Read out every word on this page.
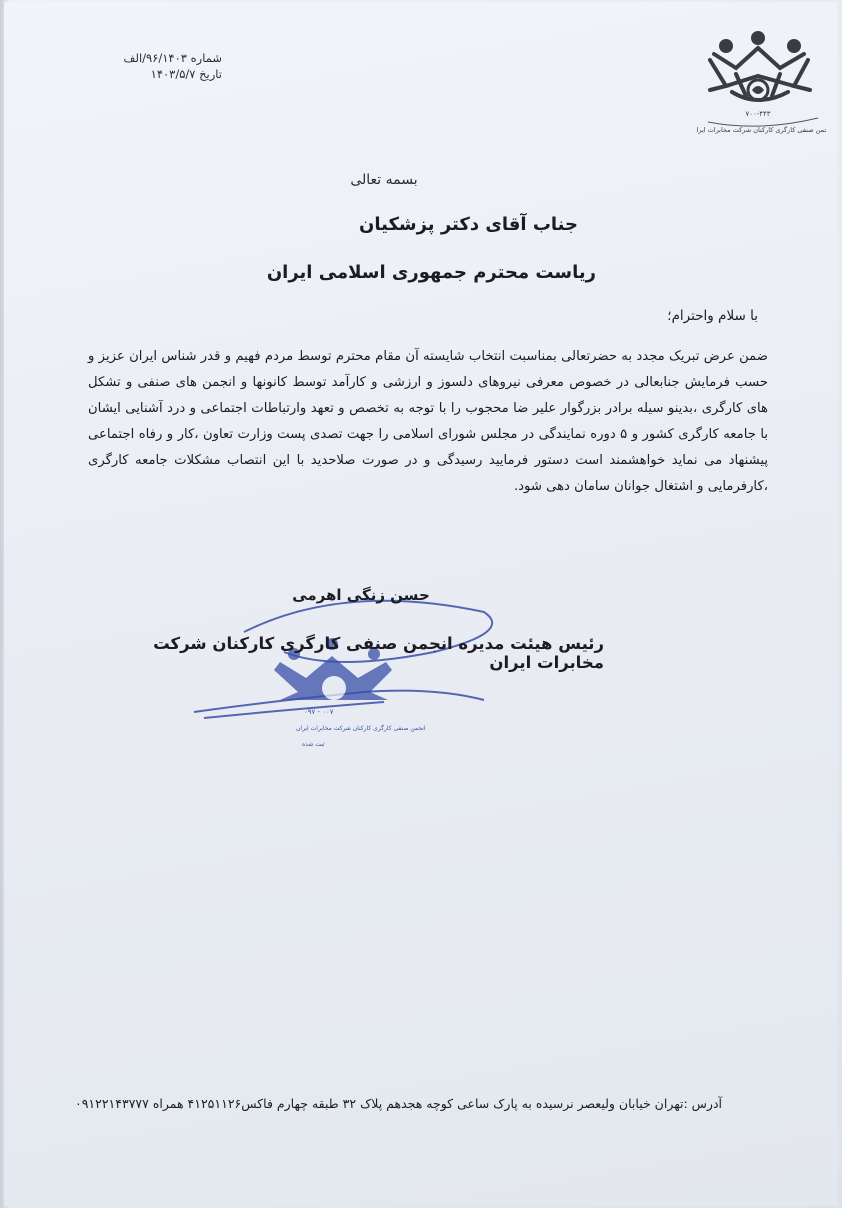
شماره ۹۶/۱۴۰۳/الف
تاریخ ۱۴۰۳/۵/۷
۷۰۰-۴۴۳
انجمن صنفی کارگری کارکنان شرکت مخابرات ایران
بسمه تعالی
جناب آقای دکتر پزشکیان
ریاست محترم جمهوری اسلامی ایران
با سلام واحترام؛
ضمن عرض تبریک مجدد به حضرتعالی بمناسبت انتخاب شایسته آن مقام محترم توسط مردم فهیم و قدر شناس ایران عزیز و حسب فرمایش جنابعالی در خصوص معرفی نیروهای دلسوز و ارزشی و کارآمد توسط کانونها و انجمن های صنفی و تشکل های کارگری ،بدینو سیله برادر بزرگوار علیر ضا محجوب را با توجه به تخصص و تعهد وارتباطات اجتماعی و درد آشنایی ایشان با جامعه کارگری کشور و ۵ دوره نمایندگی در مجلس شورای اسلامی را جهت تصدی پست وزارت تعاون ،کار و رفاه اجتماعی پیشنهاد می نماید خواهشمند است دستور فرمایید رسیدگی و در صورت صلاحدید با این انتصاب مشکلات جامعه کارگری ،کارفرمایی و اشتغال جوانان سامان دهی شود.
۰۹۷ - ۰۰۷
انجمن صنفی کارگری کارکنان شرکت مخابرات ایران
ثبت شده
حسن زنگی اهرمی
رئیس هیئت مدیره انجمن صنفی کارگری کارکنان شرکت مخابرات ایران
آدرس :تهران خیابان ولیعصر نرسیده به پارک ساعی کوچه هجدهم پلاک ۳۲ طبقه چهارم فاکس۴۱۲۵۱۱۲۶ همراه ۰۹۱۲۲۱۴۳۷۷۷
